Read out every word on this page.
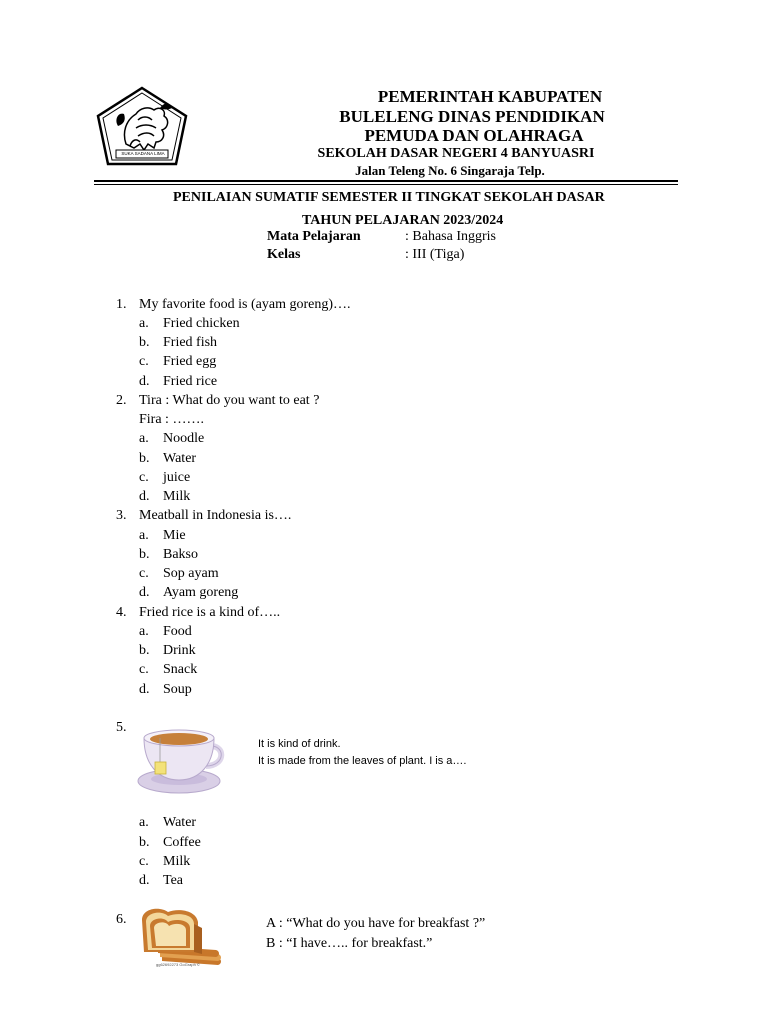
SUKA SADANA LIMA
PEMERINTAH KABUPATEN
BULELENG DINAS PENDIDIKAN
PEMUDA DAN OLAHRAGA
SEKOLAH DASAR NEGERI 4 BANYUASRI
Jalan Teleng No. 6 Singaraja Telp.
PENILAIAN SUMATIF SEMESTER II TINGKAT SEKOLAH DASAR
TAHUN PELAJARAN 2023/2024
Mata Pelajaran	: Bahasa Inggris
Kelas	: III (Tiga)
1. My favorite food is (ayam goreng)….
a. Fried chicken
b. Fried fish
c. Fried egg
d. Fried rice
2. Tira : What do you want to eat ?
Fira : …….
a. Noodle
b. Water
c. juice
d. Milk
3. Meatball in Indonesia is….
a. Mie
b. Bakso
c. Sop ayam
d. Ayam goreng
4. Fried rice is a kind of…..
a. Food
b. Drink
c. Snack
d. Soup
5.
It is kind of drink.
It is made from the leaves of plant. I is a….
a. Water
b. Coffee
c. Milk
d. Tea
6.
gg62692273 GoGraph ©
A : “What do you have for breakfast ?”
B : “I have….. for breakfast.”
